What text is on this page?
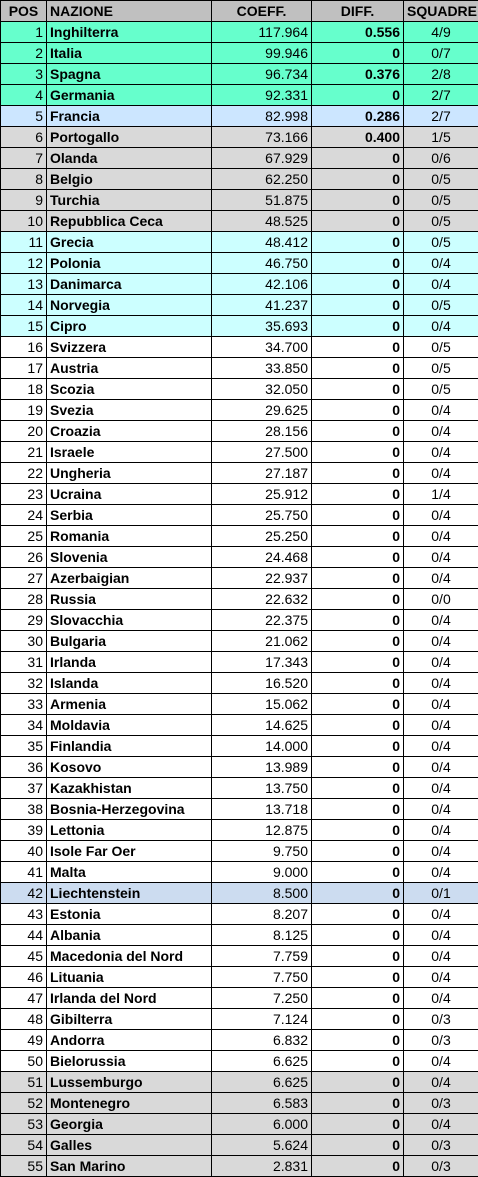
POS	NAZIONE	COEFF.	DIFF.	SQUADRE
1	Inghilterra	117.964	0.556	4/9
2	Italia	99.946	0	0/7
3	Spagna	96.734	0.376	2/8
4	Germania	92.331	0	2/7
5	Francia	82.998	0.286	2/7
6	Portogallo	73.166	0.400	1/5
7	Olanda	67.929	0	0/6
8	Belgio	62.250	0	0/5
9	Turchia	51.875	0	0/5
10	Repubblica Ceca	48.525	0	0/5
11	Grecia	48.412	0	0/5
12	Polonia	46.750	0	0/4
13	Danimarca	42.106	0	0/4
14	Norvegia	41.237	0	0/5
15	Cipro	35.693	0	0/4
16	Svizzera	34.700	0	0/5
17	Austria	33.850	0	0/5
18	Scozia	32.050	0	0/5
19	Svezia	29.625	0	0/4
20	Croazia	28.156	0	0/4
21	Israele	27.500	0	0/4
22	Ungheria	27.187	0	0/4
23	Ucraina	25.912	0	1/4
24	Serbia	25.750	0	0/4
25	Romania	25.250	0	0/4
26	Slovenia	24.468	0	0/4
27	Azerbaigian	22.937	0	0/4
28	Russia	22.632	0	0/0
29	Slovacchia	22.375	0	0/4
30	Bulgaria	21.062	0	0/4
31	Irlanda	17.343	0	0/4
32	Islanda	16.520	0	0/4
33	Armenia	15.062	0	0/4
34	Moldavia	14.625	0	0/4
35	Finlandia	14.000	0	0/4
36	Kosovo	13.989	0	0/4
37	Kazakhistan	13.750	0	0/4
38	Bosnia-Herzegovina	13.718	0	0/4
39	Lettonia	12.875	0	0/4
40	Isole Far Oer	9.750	0	0/4
41	Malta	9.000	0	0/4
42	Liechtenstein	8.500	0	0/1
43	Estonia	8.207	0	0/4
44	Albania	8.125	0	0/4
45	Macedonia del Nord	7.759	0	0/4
46	Lituania	7.750	0	0/4
47	Irlanda del Nord	7.250	0	0/4
48	Gibilterra	7.124	0	0/3
49	Andorra	6.832	0	0/3
50	Bielorussia	6.625	0	0/4
51	Lussemburgo	6.625	0	0/4
52	Montenegro	6.583	0	0/3
53	Georgia	6.000	0	0/4
54	Galles	5.624	0	0/3
55	San Marino	2.831	0	0/3
